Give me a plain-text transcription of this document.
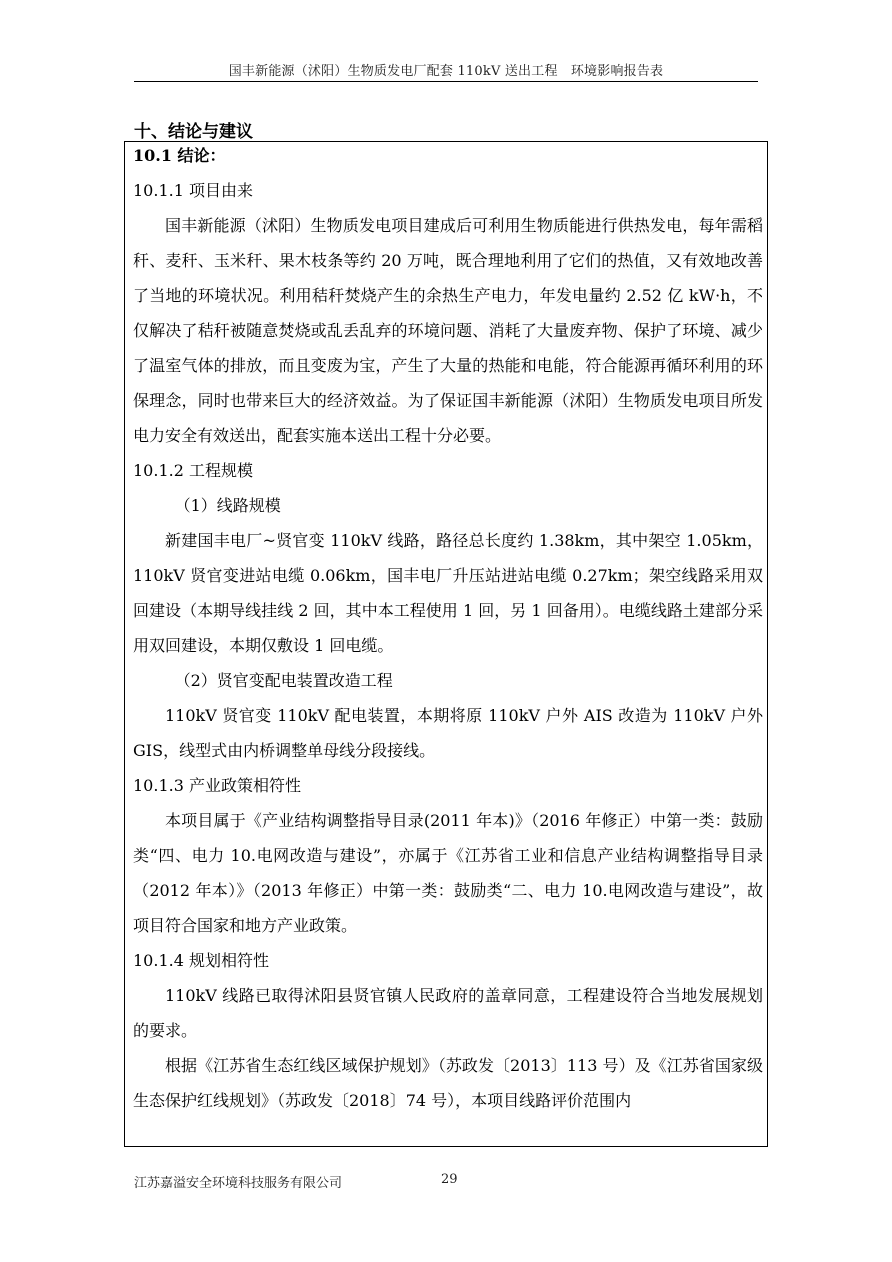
国丰新能源（沭阳）生物质发电厂配套 110kV 送出工程　环境影响报告表
十、结论与建议

10.1 结论：

10.1.1 项目由来

国丰新能源（沭阳）生物质发电项目建成后可利用生物质能进行供热发电，每年需稻秆、麦秆、玉米秆、果木枝条等约 20 万吨，既合理地利用了它们的热值，又有效地改善了当地的环境状况。利用秸秆焚烧产生的余热生产电力，年发电量约 2.52 亿 kW·h，不仅解决了秸秆被随意焚烧或乱丢乱弃的环境问题、消耗了大量废弃物、保护了环境、减少了温室气体的排放，而且变废为宝，产生了大量的热能和电能，符合能源再循环利用的环保理念，同时也带来巨大的经济效益。为了保证国丰新能源（沭阳）生物质发电项目所发电力安全有效送出，配套实施本送出工程十分必要。

10.1.2 工程规模

（1）线路规模

新建国丰电厂~贤官变 110kV 线路，路径总长度约 1.38km，其中架空 1.05km，110kV 贤官变进站电缆 0.06km，国丰电厂升压站进站电缆 0.27km；架空线路采用双回建设（本期导线挂线 2 回，其中本工程使用 1 回，另 1 回备用）。电缆线路土建部分采用双回建设，本期仅敷设 1 回电缆。

（2）贤官变配电装置改造工程

110kV 贤官变 110kV 配电装置，本期将原 110kV 户外 AIS 改造为 110kV 户外 GIS，线型式由内桥调整单母线分段接线。

10.1.3 产业政策相符性

本项目属于《产业结构调整指导目录(2011 年本)》（2016 年修正）中第一类：鼓励类“四、电力 10.电网改造与建设”，亦属于《江苏省工业和信息产业结构调整指导目录（2012 年本）》（2013 年修正）中第一类：鼓励类“二、电力 10.电网改造与建设”，故项目符合国家和地方产业政策。

10.1.4 规划相符性

110kV 线路已取得沭阳县贤官镇人民政府的盖章同意，工程建设符合当地发展规划的要求。

根据《江苏省生态红线区域保护规划》（苏政发〔2013〕113 号）及《江苏省国家级生态保护红线规划》（苏政发〔2018〕74 号），本项目线路评价范围内

江苏嘉溢安全环境科技服务有限公司	29
